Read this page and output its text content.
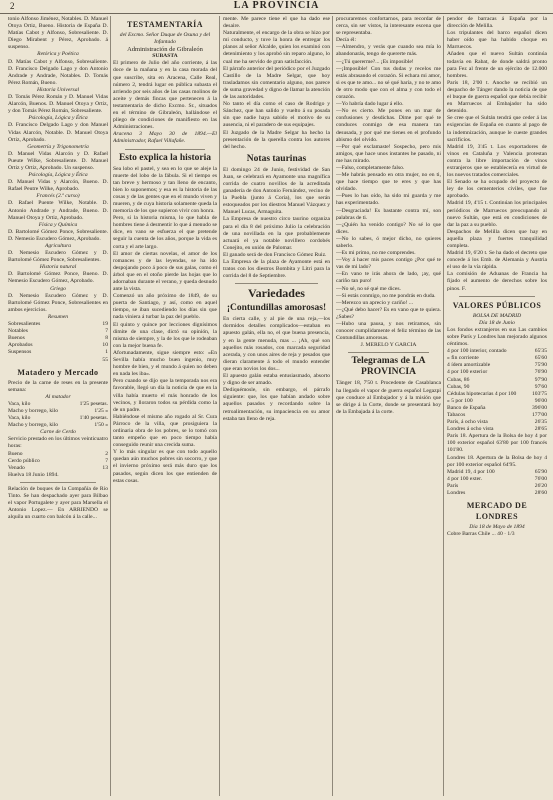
2	LA PROVINCIA

tonio Alfonso Jiménez, Notables. D. Manuel Otoya Ortiz, Bueno. Historia de España D. Matías Cabot y Alfonso, Sobresaliente. D. Diego Mirabent y Pérez, Aprobado. á suspenso.

Retórica y Poética

D. Matías Cabot y Alfonso, Sobresaliente. D. Francisco Delgado Lago y don Antonio Andrade y Andrade, Notables. D. Tomás Pérez Román, Bueno.

Historia Universal

D. Tomás Pérez Román y D. Manuel Vidas Alarcón, Buenos. D. Manuel Otoya y Ortiz, y don Tomás Pérez Román, Sobresaliente.

Psicología, Lógica y Ética

D. Francisco Delgado Lago y don Manuel Vidas Alarcón, Notable. D. Manuel Otoya Ortiz, Aprobado.

Geometría y Trigonometría

D. Manuel Vidas Alarcón y D. Rafael Pueute Wilke, Sobresaliente. D. Manuel Ortiz y Ortiz, Aprobado. Un suspenso.

Psicología, Lógica y Ética

D. Manuel Vidas y Alarcón, Bueno. D. Rafael Peutre Wilke, Aprobado.

Francés (2.º curso)

D. Rafael Puente Wilke, Notable. D. Antonio Andrade y Andrade, Bueno. D. Manuel Otoya y Ortiz, Aprobado.

Física y Química

D. Bartolomé Gómez Ponce, Sobresaliente. D. Nemesio Escudero Gómez, Aprobado.

Agricultura

D. Nemesio Escudero Gómez y D. Bartolomé Gómez Ponce, Sobresalientes.

Historia natural

D. Bartolomé Gómez Ponce, Bueno. D. Nemesio Escudero Gómez, Aprobado.

Griego

D. Nemesio Escudero Gómez y D. Bartolomé Gómez Ponce, Sobresalientes en ambos ejercicios.

Resumen

Sobresalientes	19
Notables	7
Buenos	8
Aprobados	10
Suspensos	1
55
Matadero y Mercado

Precio de la carne de reses en la presente semana:

Al matador

Vaca, kilo	1'25 pesetas.
Macho y borrego, kilo	1'25 »
Vaca, kilo	1'40 pesetas.
Macho y borrego, kilo	1'50 »

Carne de Cerdo

Servicio prestado en los últimos veinticuatro horas:

Bueno	2
Cerdo público	7
Venado	13

Huelva 18 Junio 1894.

Relación de buques de la Compañía de Río Tinto. Se han despachado ayer para Bilbao el vapor Portugalete y ayer para Marsella el Antonio Lopez.— En ARRIENDO se alquila un cuarto con balcón á la calle...

TESTAMENTARÍA

del Excmo. Señor Duque de Osuna y del Infantado

Administración de Gibraleón

SUBASTA

El primero de Julio del año corriente, á las doce de la mañana y en la casa morada del que suscribe, sita en Aracena, Calle Real, número 2, tendrá lugar en pública subasta el arriendo por seis años de las casas molinos de aceite y demás fincas que pertenecen á la testamentaria de dicho Excmo. Sr., situados en el término de Gibraleón, hallándose el pliego de condiciones de manifiesto en las Administraciones.

Aracena 3 Mayo 30 de 1894.—El Administrador, Rafael Villafañe.

Esto explica la historia

Sea lobo el pastel, y sea en lo que se aleje la muerte del lobo de la fábula. Si el tiempo es tan breve y hermoso y tan lleno de encanto, bien lo suponemos; y esa es la historia de las cosas y de las gentes que en el mundo viven y mueren, y de cuya historia solamente queda la memoria de los que supieron vivir con honra.

Pero, si la historia misma, lo que habla de hombres tiene á desmentir lo que á menudo se dice, en vano se esfuerza el que pretende seguir la cuenta de los años, porque la vida es corta y el arte largo.

El amor de ciertas novelas, el amor de los romances y de las leyendas, se ha ido despojando poco á poco de sus galas, como el árbol que en el otoño pierde las hojas que lo adornaban durante el verano, y queda desnudo ante la vista.

Comenzó un año próximo de 1849, de su puerta de Santiago, y así, como en aquel tiempo, se iban sucediendo los días sin que nada viniera á turbar la paz del pueblo.

El quinto y quince por lecciones dignísimos dimite de una clase, dictó su opinión, la misma de siempre, y la de los que le rodeaban con la mejor buena fe.

Afortunadamente, sigue siempre esto: «En Sevilla había mucho buen ingenio, muy hombre de bien, y el mundo á quien no deben en nada les iba».

Pero cuando se dijo que la temporada nos era favorable, llegó un día la noticia de que en la villa había muerto el más honrado de los vecinos, y lloraron todos su pérdida como la de un padre.

Habiéndose el mismo año rogado al Sr. Cura Párroco de la villa, que prosiguiera la ordinaria obra de los pobres, se lo tomó con tanto empeño que en poco tiempo había conseguido reunir una crecida suma.

Y lo más singular es que con todo aquello quedan aún muchos pobres sin socorro, y que el invierno próximo será más duro que los pasados, según dicen los que entienden de estas cosas.

mente. Me parece tiene el que ha dado ese desaire.

Naturalmente, el encargo de la obra se hizo por mi conducto, y tuve la honra de entregar los planos al señor Alcalde, quien los examinó con detenimiento y los aprobó sin reparo alguno, lo cual me ha servido de gran satisfacción.

El párrafo anterior del periódico por el Juzgado Castillo de la Madre Selgar, que hoy trasladamos sin comentario alguno, nos parece de suma gravedad y digno de llamar la atención de las autoridades.

No tanto el día como el caso de Rodrigo y Sánchez, que han salido y vuelto á su posada sin que nadie haya sabido el motivo de su ausencia, ni el paradero de sus equipajes.

El Juzgado de la Madre Selgar ha hecho la presentación de la querella contra los autores del hecho.

Notas taurinas

El domingo 24 de Junio, festividad de San Juan, se celebrará en Ayamonte una magnífica corrida de cuatro novillos de la acreditada ganadería de don Antonio Fernández, vecino de la Puebla (junto á Coria), los que serán estoqueados por los diestros Manuel Vázquez y Manuel Lucas, Armaguita.

La Empresa de nuestro circo taurino organiza para el día 8 del próximo Julio la celebración de una novillada en la que probablemente actuará el ya notable novillero cordobés Conejito, en unión de Palomar.

El ganado será de don Francisco Gómez Ruiz.

La Empresa de la plaza de Ayamonte está en tratos con los diestros Bombita y Litri para la corrida del 8 de Septiembre.

Variedades
¡Contundillas amorosas!

En cierta calle, y al pie de una reja,—los dormidos detalles complicados—estaban en apuesto galán, ella no, el que buena presencia, y en la gente menuda, mas ... ¡Ah, qué son aquellos más rosados, con marcada seguridad acerada, y con unos aires de reja y pesados que dieran claramente á todo el mundo entender que eran novios los dos...

El apuesto galán estaba entusiasmado, absorto y digno de ser amado.

Dediquémosle, sin embargo, el párrafo siguiente: que, los que habían andado sobre aquellos pasados y recordando sobre la retroalimentación, su impaciencia en su amor estaba tan lleno de reja.

procuraremos confortarnos, para recordar de cerca, sin ser vistos, la interesante escena que se representaba.

Decía él:

—Almendro, y verás que cuando sea mía lo abandonarás, tengo de quererte más.

—¿Tú quererme?... ¡Es imposible!

—¡Imposible! Con tus dudas y recelos me estás abrasando el corazón. Si echara mi amor, si es que te amo... no sé qué haría, y no te amo de otro modo que con el alma y con todo el corazón.

—Yo habría dado lugar á ello.

—No es cierto. Me pones en un mar de confusiones y desdichas. Dime por qué te conduces conmigo de esa manera tan desusada, y por qué me tienes en el profundo abismo del olvido.

—Por qué exclamaste! Sospecho, pero mis amigos, que hace unos instantes he pasado, ni me has mirado.

—Falso, completamente falso.

—Me habrás pensado en otra mujer, no en ti, que hace tiempo que te eres y que has olvidado.

—Pues lo has oído, ha sido mi guarda y me has experimentado.

—Desgraciada! Es bastante contra mí, son palabras de ti.

—¿Quién ha venido contigo? No sé lo que dices.

—No lo sabes, ó mejor dicho, no quieres saberlo.

—Es mi primo, no me comprendes.

—Voy á hacer mis paces contigo ¿Por qué te vas de mi lado?

—En vano te irás ahora de lado, ¡ay, qué cariño tan puro!

—No sé, no sé qué me dices.

—Si estás conmigo, no me pondrás en duda.

—Merezco un aprecio y cariño! ...

—¿Qué debo hacer? Es en vano que te quiera. ¿Sabes?

—Hubo una pausa, y nos retiramos, sin conocer cumplidamente el feliz término de las Contundillas amorosas.

J. MERELO Y GARCIA

Telegramas de LA PROVINCIA

Tánger 18, 7'50 t. Procedente de Casablanca ha llegado el vapor de guerra español Legazpi que conduce al Embajador y á la misión que se dirige á la Corte, donde se presentará hoy de la Embajada á la corte.

pendor de barracas á España por la dirección de Melilla.

Los tripulantes del barco español dicen haber oído que ha habido choque en Marruecos.

Añaden que el nuevo Sultán continúa todavía en Rabat, de donde saldrá pronto para Fez al frente de un ejército de 12.000 hombres.

París 18, 2'00 t. Anoche se recibió un despacho de Tánger dando la noticia de que el buque de guerra español que debía recibir en Marruecos al Embajador ha sido detenido.

Se cree que el Sultán tendrá que ceder á las exigencias de España en cuanto al pago de la indemnización, aunque le cueste grandes sacrificios.

Madrid 19, 3'45 t. Los exportadores de vinos en Cataluña y Valencia protestan contra la libre importación de vinos extranjeros que se establecería en virtud de los nuevos tratados comerciales.

El Senado se ha ocupado del proyecto de ley de los cementerios civiles, que fue aprobado.

Madrid 19, 4'15 t. Continúan los principales periódicos de Marruecos preocupando al nuevo Sultán, que está en condiciones de dar la paz a su pueblo.

Despachos de Melilla dicen que hay en aquella plaza y fuertes tranquilidad completa.

Madrid 19, 6'20 t. Se ha dado el decreto que concede á los Emb. de Alemania y Austria el uso de la vía rápida.

La comisión de Aduanas de Francia ha fijado el aumento de derechos sobre los pinos. F.

VALORES PÚBLICOS

BOLSA DE MADRID

Día 18 de Junio

Los fondos extranjeros en sus Las cambios sobre París y Londres han mejorado algunos céntimos.

4 por 100 interior, contado	65'35
» fin corriente	65'60
4 ídem amortizable	75'90
4 por 100 exterior	76'90
Cubas, 86	97'90
Cubas, 90	97'60
Cédulas hipotecarias 4 por 100	103'75
» 5 por 100	96'00
Banco de España	396'00
Tabacos	177'00
París, á ocho vista	26'35
Londres á ocho vista	28'65

París 18. Apertura de la Bolsa de hoy 4 por 100 exterior español 63'80 por 100 francés 101'80.

Londres 18. Apertura de la Bolsa de hoy 4 por 100 exterior español 64'95.

Madrid 19, 4 por 100	65'90
4 por 100 exter.	76'00
París	26'20
Londres	28'60
MERCADO DE LONDRES

Día 18 de Mayo de 1894

Cobre Barras Chile ... 40 · 1/3
